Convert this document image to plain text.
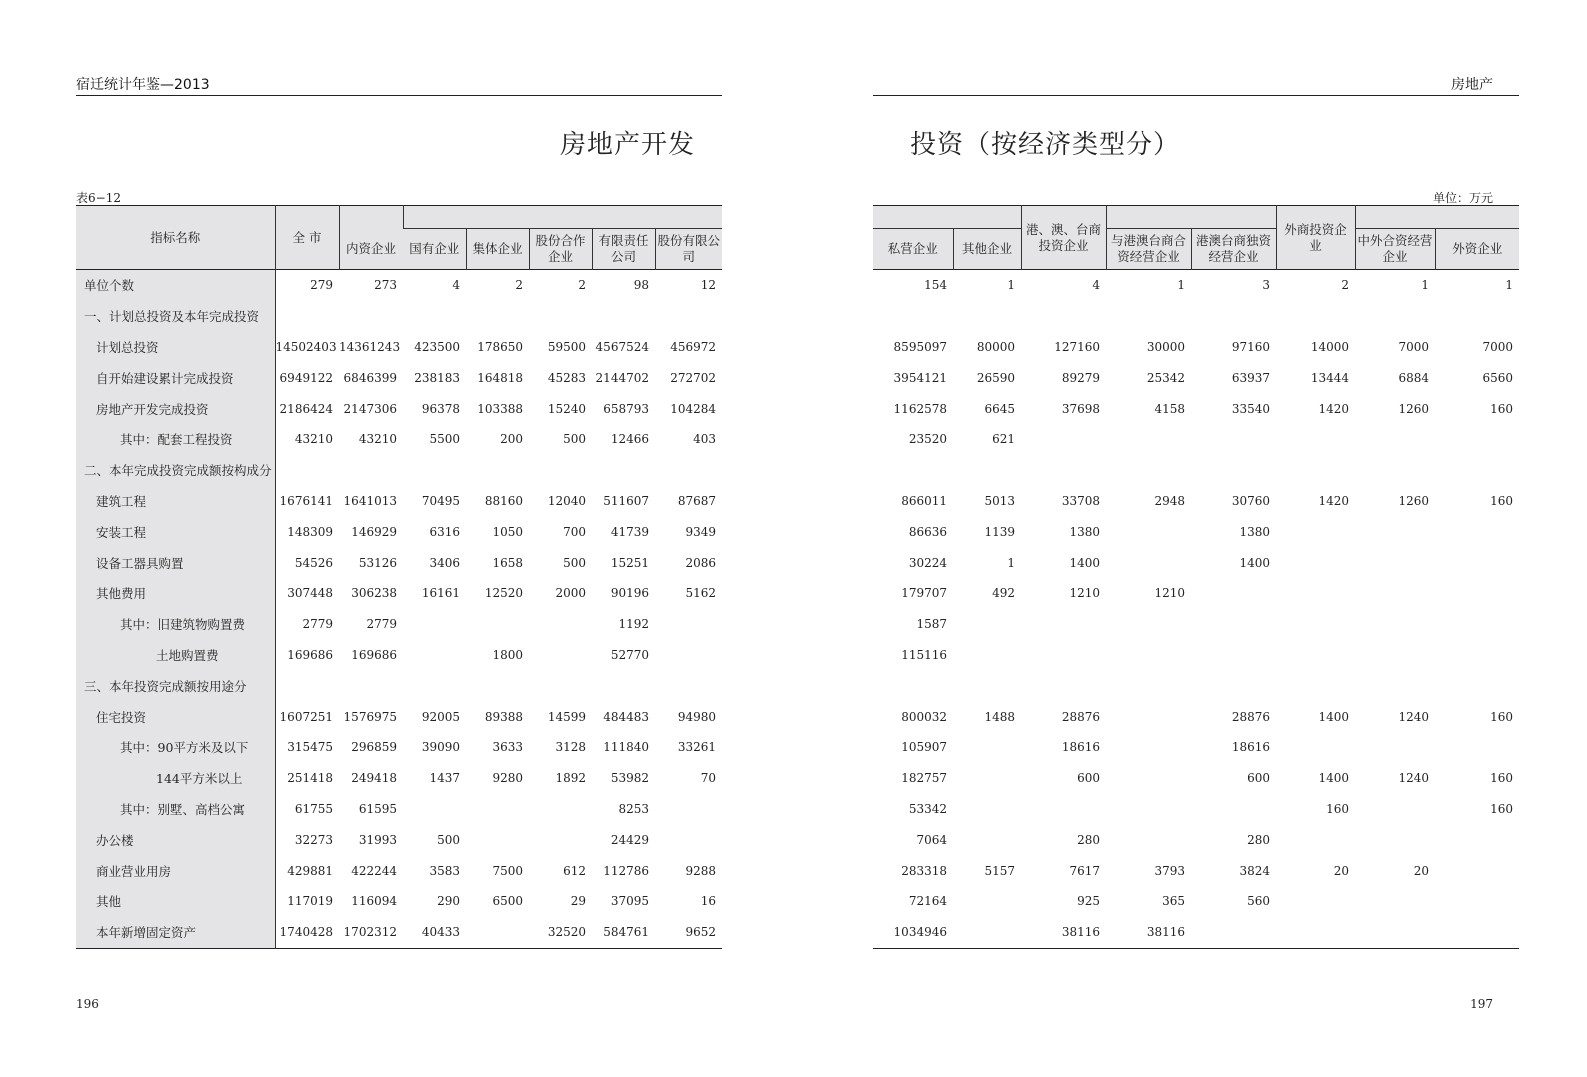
宿迁统计年鉴—2013	房地产
房地产开发	投资（按经济类型分）
表6−12	单位：万元
指标名称	全 市	内资企业					
			国有企业	集体企业	股份合作企业	有限责任公司	股份有限公司
单位个数	279	273	4	2	2	98	12
一、计划总投资及本年完成投资							
计划总投资	14502403	14361243	423500	178650	59500	4567524	456972
自开始建设累计完成投资	6949122	6846399	238183	164818	45283	2144702	272702
房地产开发完成投资	2186424	2147306	96378	103388	15240	658793	104284
其中：配套工程投资	43210	43210	5500	200	500	12466	403
二、本年完成投资完成额按构成分							
建筑工程	1676141	1641013	70495	88160	12040	511607	87687
安装工程	148309	146929	6316	1050	700	41739	9349
设备工器具购置	54526	53126	3406	1658	500	15251	2086
其他费用	307448	306238	16161	12520	2000	90196	5162
其中：旧建筑物购置费	2779	2779				1192	
土地购置费	169686	169686		1800		52770	
三、本年投资完成额按用途分							
住宅投资	1607251	1576975	92005	89388	14599	484483	94980
其中：90平方米及以下	315475	296859	39090	3633	3128	111840	33261
144平方米以上	251418	249418	1437	9280	1892	53982	70
其中：别墅、高档公寓	61755	61595				8253	
办公楼	32273	31993	500			24429	
商业营业用房	429881	422244	3583	7500	612	112786	9288
其他	117019	116094	290	6500	29	37095	16
本年新增固定资产	1740428	1702312	40433		32520	584761	9652
		港、澳、台商投资企业			外商投资企业		
私营企业	其他企业		与港澳台商合资经营企业	港澳台商独资经营企业		中外合资经营企业	外资企业
154	1	4	1	3	2	1	1

8595097	80000	127160	30000	97160	14000	7000	7000
3954121	26590	89279	25342	63937	13444	6884	6560
1162578	6645	37698	4158	33540	1420	1260	160
23520	621						

866011	5013	33708	2948	30760	1420	1260	160
86636	1139	1380		1380			
30224	1	1400		1400			
179707	492	1210	1210				
1587							
115116							

800032	1488	28876		28876	1400	1240	160
105907		18616		18616			
182757		600		600	1400	1240	160
53342					160		160
7064		280		280			
283318	5157	7617	3793	3824	20	20	
72164		925	365	560			
1034946		38116	38116				
196	197
